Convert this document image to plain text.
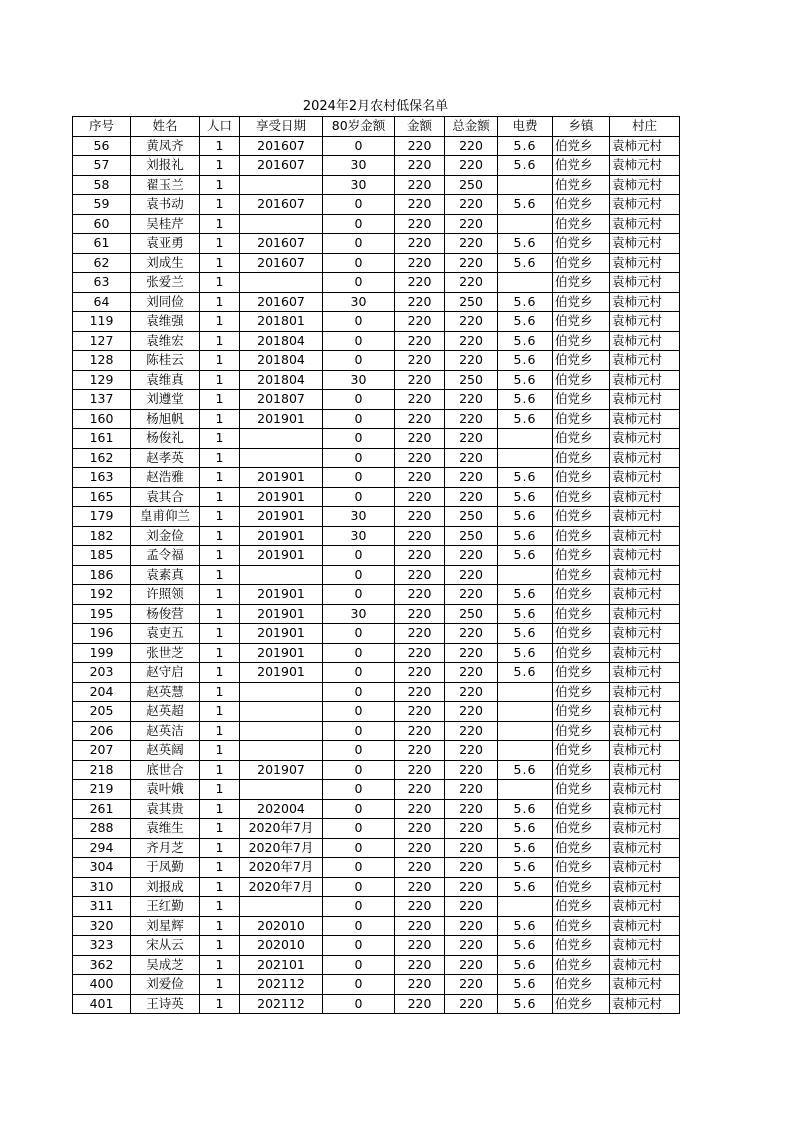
2024年2月农村低保名单
序号	姓名	人口	享受日期	80岁金额	金额	总金额	电费	乡镇	村庄
56	黄凤齐	1	201607	0	220	220	5.6	伯党乡	袁柿元村
57	刘报礼	1	201607	30	220	220	5.6	伯党乡	袁柿元村
58	翟玉兰	1		30	220	250		伯党乡	袁柿元村
59	袁书动	1	201607	0	220	220	5.6	伯党乡	袁柿元村
60	吴桂芹	1		0	220	220		伯党乡	袁柿元村
61	袁亚勇	1	201607	0	220	220	5.6	伯党乡	袁柿元村
62	刘成生	1	201607	0	220	220	5.6	伯党乡	袁柿元村
63	张爱兰	1		0	220	220		伯党乡	袁柿元村
64	刘同俭	1	201607	30	220	250	5.6	伯党乡	袁柿元村
119	袁维强	1	201801	0	220	220	5.6	伯党乡	袁柿元村
127	袁维宏	1	201804	0	220	220	5.6	伯党乡	袁柿元村
128	陈桂云	1	201804	0	220	220	5.6	伯党乡	袁柿元村
129	袁维真	1	201804	30	220	250	5.6	伯党乡	袁柿元村
137	刘遵堂	1	201807	0	220	220	5.6	伯党乡	袁柿元村
160	杨旭帆	1	201901	0	220	220	5.6	伯党乡	袁柿元村
161	杨俊礼	1		0	220	220		伯党乡	袁柿元村
162	赵孝英	1		0	220	220		伯党乡	袁柿元村
163	赵浩雅	1	201901	0	220	220	5.6	伯党乡	袁柿元村
165	袁其合	1	201901	0	220	220	5.6	伯党乡	袁柿元村
179	皇甫仰兰	1	201901	30	220	250	5.6	伯党乡	袁柿元村
182	刘金俭	1	201901	30	220	250	5.6	伯党乡	袁柿元村
185	孟令福	1	201901	0	220	220	5.6	伯党乡	袁柿元村
186	袁素真	1		0	220	220		伯党乡	袁柿元村
192	许照领	1	201901	0	220	220	5.6	伯党乡	袁柿元村
195	杨俊营	1	201901	30	220	250	5.6	伯党乡	袁柿元村
196	袁吏五	1	201901	0	220	220	5.6	伯党乡	袁柿元村
199	张世芝	1	201901	0	220	220	5.6	伯党乡	袁柿元村
203	赵守启	1	201901	0	220	220	5.6	伯党乡	袁柿元村
204	赵英慧	1		0	220	220		伯党乡	袁柿元村
205	赵英超	1		0	220	220		伯党乡	袁柿元村
206	赵英洁	1		0	220	220		伯党乡	袁柿元村
207	赵英阔	1		0	220	220		伯党乡	袁柿元村
218	底世合	1	201907	0	220	220	5.6	伯党乡	袁柿元村
219	袁叶娥	1		0	220	220		伯党乡	袁柿元村
261	袁其贵	1	202004	0	220	220	5.6	伯党乡	袁柿元村
288	袁维生	1	2020年7月	0	220	220	5.6	伯党乡	袁柿元村
294	齐月芝	1	2020年7月	0	220	220	5.6	伯党乡	袁柿元村
304	于凤勤	1	2020年7月	0	220	220	5.6	伯党乡	袁柿元村
310	刘报成	1	2020年7月	0	220	220	5.6	伯党乡	袁柿元村
311	王红勤	1		0	220	220		伯党乡	袁柿元村
320	刘星辉	1	202010	0	220	220	5.6	伯党乡	袁柿元村
323	宋从云	1	202010	0	220	220	5.6	伯党乡	袁柿元村
362	吴成芝	1	202101	0	220	220	5.6	伯党乡	袁柿元村
400	刘爱俭	1	202112	0	220	220	5.6	伯党乡	袁柿元村
401	王诗英	1	202112	0	220	220	5.6	伯党乡	袁柿元村
